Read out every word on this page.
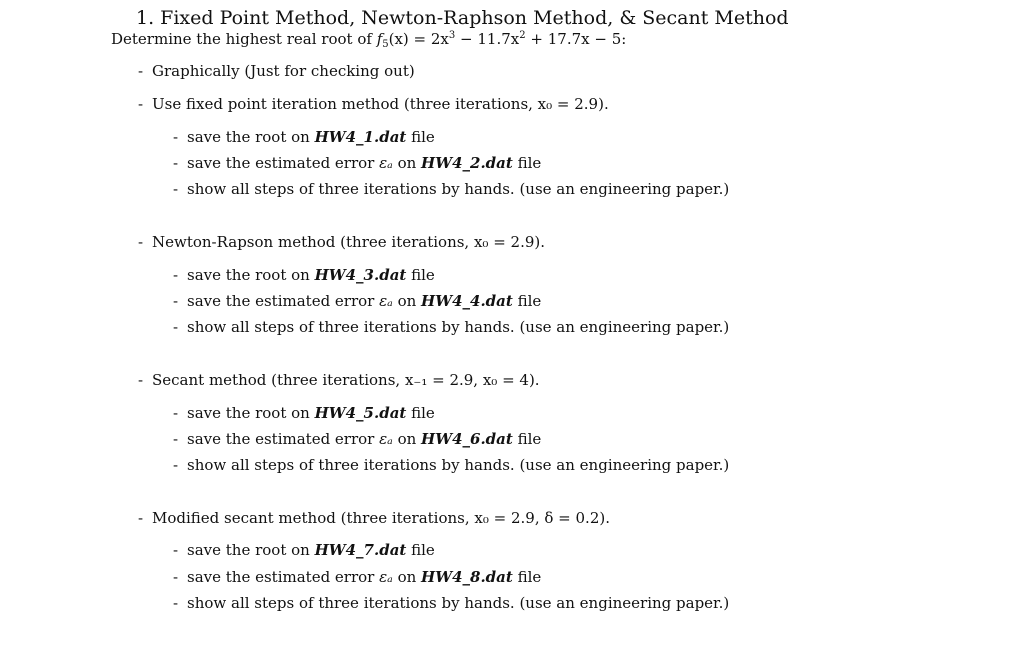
1. Fixed Point Method, Newton-Raphson Method, & Secant Method
Determine the highest real root of $f_5(x) = 2x^3 - 11.7x^2 + 17.7x - 5$:
- Graphically (Just for checking out)
- Use fixed point iteration method (three iterations, x₀ = 2.9).
- save the root on HW4_1.dat file
- save the estimated error εₐ on HW4_2.dat file
- show all steps of three iterations by hands. (use an engineering paper.)
- Newton-Rapson method (three iterations, x₀ = 2.9).
- save the root on HW4_3.dat file
- save the estimated error εₐ on HW4_4.dat file
- show all steps of three iterations by hands. (use an engineering paper.)
- Secant method (three iterations, x₋₁ = 2.9, x₀ = 4).
- save the root on HW4_5.dat file
- save the estimated error εₐ on HW4_6.dat file
- show all steps of three iterations by hands. (use an engineering paper.)
- Modified secant method (three iterations, x₀ = 2.9, δ = 0.2).
- save the root on HW4_7.dat file
- save the estimated error εₐ on HW4_8.dat file
- show all steps of three iterations by hands. (use an engineering paper.)
